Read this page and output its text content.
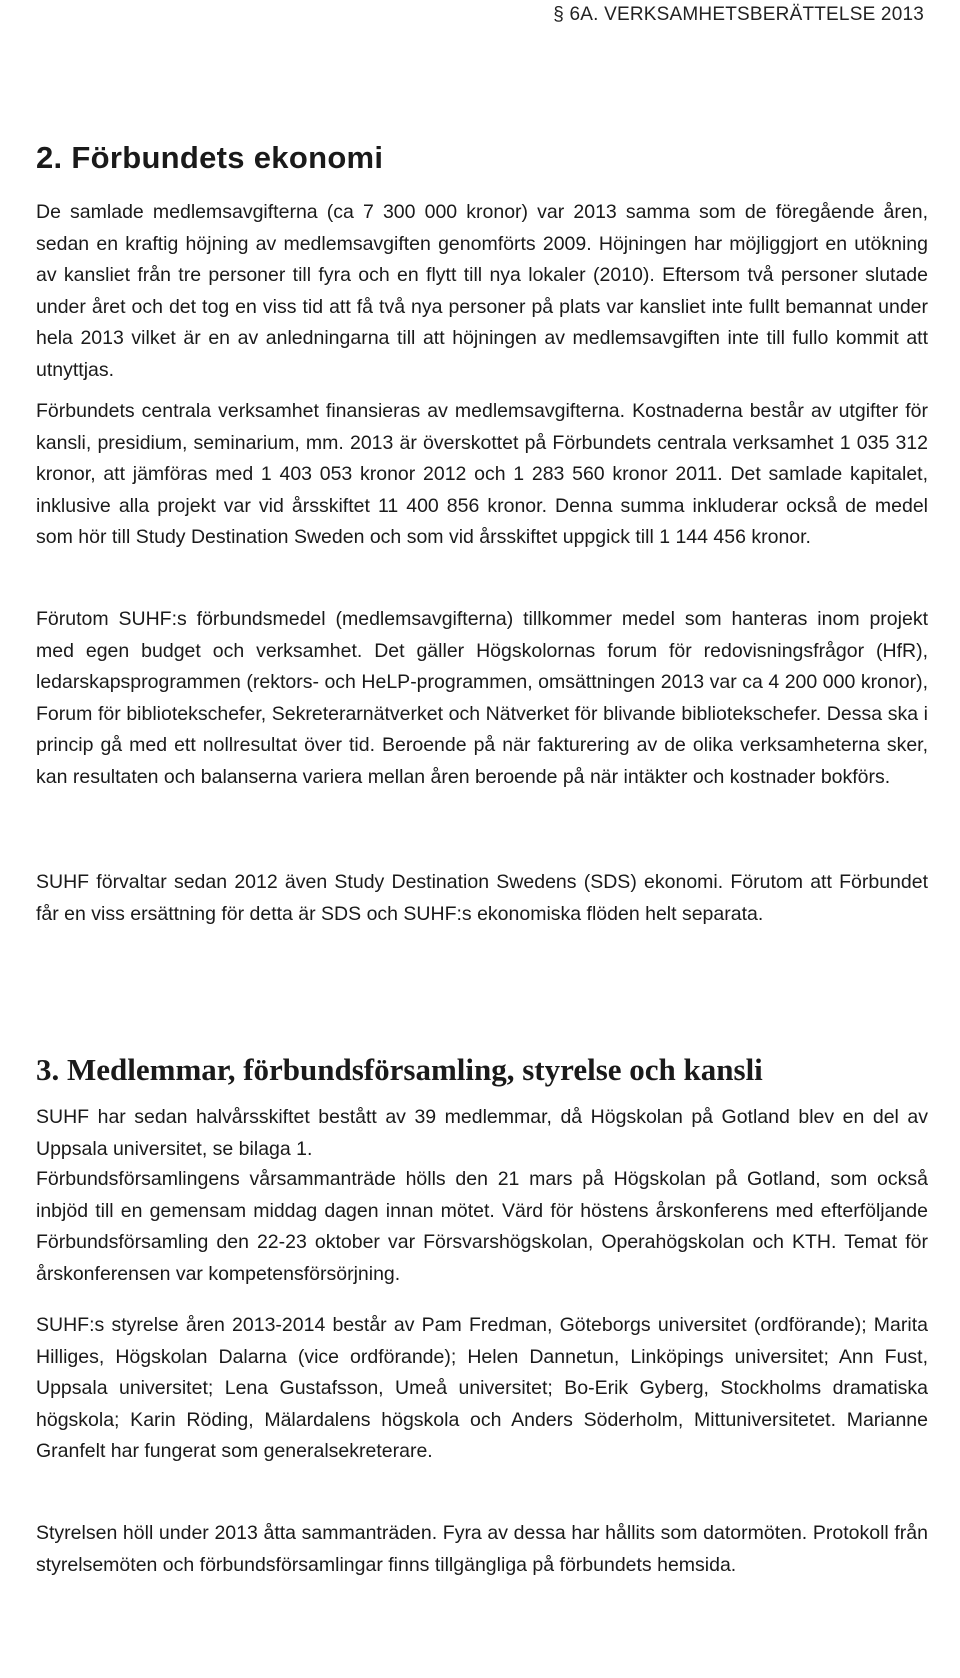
§ 6A. VERKSAMHETSBERÄTTELSE 2013
2. Förbundets ekonomi

De samlade medlemsavgifterna (ca 7 300 000 kronor) var 2013 samma som de föregående åren, sedan en kraftig höjning av medlemsavgiften genomförts 2009. Höjningen har möjliggjort en utökning av kansliet från tre personer till fyra och en flytt till nya lokaler (2010). Eftersom två personer slutade under året och det tog en viss tid att få två nya personer på plats var kansliet inte fullt bemannat under hela 2013 vilket är en av anledningarna till att höjningen av medlemsavgiften inte till fullo kommit att utnyttjas.

Förbundets centrala verksamhet finansieras av medlemsavgifterna. Kostnaderna består av utgifter för kansli, presidium, seminarium, mm. 2013 är överskottet på Förbundets centrala verksamhet 1 035 312 kronor, att jämföras med 1 403 053 kronor 2012 och 1 283 560 kronor 2011. Det samlade kapitalet, inklusive alla projekt var vid årsskiftet 11 400 856 kronor. Denna summa inkluderar också de medel som hör till Study Destination Sweden och som vid årsskiftet uppgick till 1 144 456 kronor.

Förutom SUHF:s förbundsmedel (medlemsavgifterna) tillkommer medel som hanteras inom projekt med egen budget och verksamhet. Det gäller Högskolornas forum för redovisningsfrågor (HfR), ledarskapsprogrammen (rektors- och HeLP-programmen, omsättningen 2013 var ca 4 200 000 kronor), Forum för bibliotekschefer, Sekreterarnätverket och Nätverket för blivande bibliotekschefer. Dessa ska i princip gå med ett nollresultat över tid. Beroende på när fakturering av de olika verksamheterna sker, kan resultaten och balanserna variera mellan åren beroende på när intäkter och kostnader bokförs.

SUHF förvaltar sedan 2012 även Study Destination Swedens (SDS) ekonomi. Förutom att Förbundet får en viss ersättning för detta är SDS och SUHF:s ekonomiska flöden helt separata.

3. Medlemmar, förbundsförsamling, styrelse och kansli

SUHF har sedan halvårsskiftet bestått av 39 medlemmar, då Högskolan på Gotland blev en del av Uppsala universitet, se bilaga 1.

Förbundsförsamlingens vårsammanträde hölls den 21 mars på Högskolan på Gotland, som också inbjöd till en gemensam middag dagen innan mötet. Värd för höstens årskonferens med efterföljande Förbundsförsamling den 22-23 oktober var Försvarshögskolan, Operahögskolan och KTH. Temat för årskonferensen var kompetensförsörjning.

SUHF:s styrelse åren 2013-2014 består av Pam Fredman, Göteborgs universitet (ordförande); Marita Hilliges, Högskolan Dalarna (vice ordförande); Helen Dannetun, Linköpings universitet; Ann Fust, Uppsala universitet; Lena Gustafsson, Umeå universitet; Bo-Erik Gyberg, Stockholms dramatiska högskola; Karin Röding, Mälardalens högskola och Anders Söderholm, Mittuniversitetet. Marianne Granfelt har fungerat som generalsekreterare.

Styrelsen höll under 2013 åtta sammanträden. Fyra av dessa har hållits som datormöten. Protokoll från styrelsemöten och förbundsförsamlingar finns tillgängliga på förbundets hemsida.
